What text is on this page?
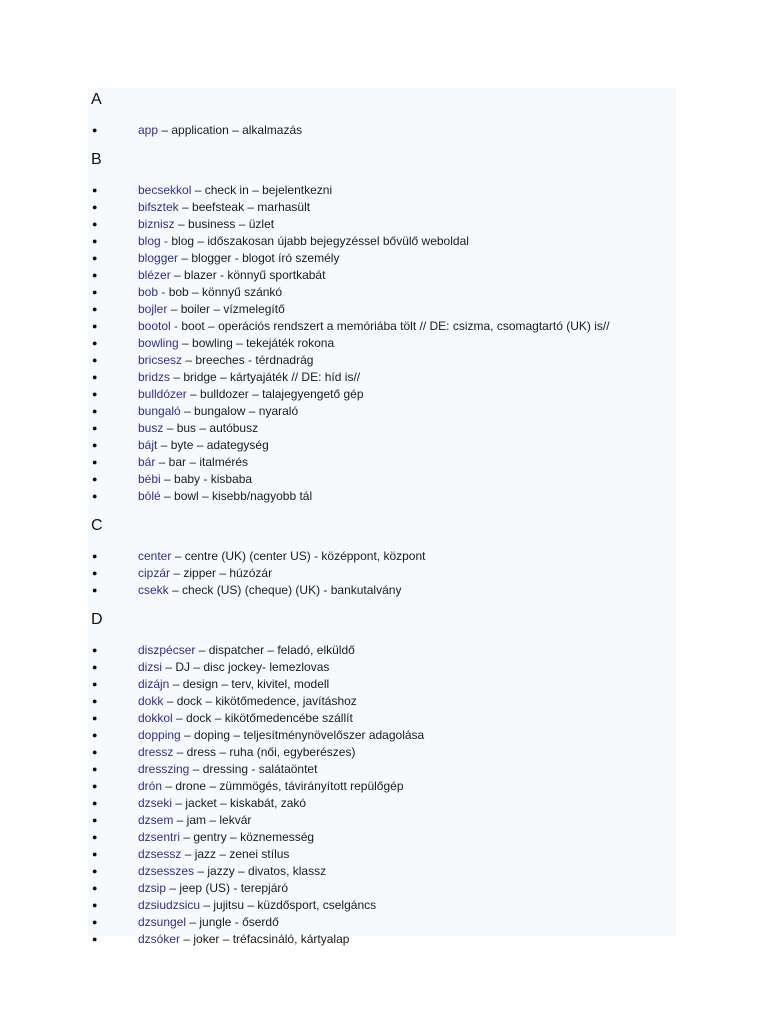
A
●	app – application – alkalmazás
B
●	becsekkol – check in – bejelentkezni
●	bifsztek – beefsteak – marhasült
●	biznisz – business – üzlet
●	blog - blog – időszakosan újabb bejegyzéssel bővülő weboldal
●	blogger – blogger - blogot író személy
●	blézer – blazer - könnyű sportkabát
●	bob - bob – könnyű szánkó
●	bojler – boiler – vízmelegítő
●	bootol - boot – operációs rendszert a memóriába tölt // DE: csizma, csomagtartó (UK) is//
●	bowling – bowling – tekejáték rokona
●	bricsesz – breeches - térdnadrág
●	bridzs – bridge – kártyajáték // DE: híd is//
●	bulldózer – bulldozer – talajegyengető gép
●	bungaló – bungalow – nyaraló
●	busz – bus – autóbusz
●	bájt – byte – adategység
●	bár – bar – italmérés
●	bébi – baby - kisbaba
●	bólé – bowl – kisebb/nagyobb tál
C
●	center – centre (UK) (center US) - középpont, központ
●	cipzár – zipper – húzózár
●	csekk – check (US) (cheque) (UK) - bankutalvány
D
●	diszpécser – dispatcher – feladó, elküldő
●	dizsi – DJ – disc jockey- lemezlovas
●	dizájn – design – terv, kivitel, modell
●	dokk – dock – kikötőmedence, javításhoz
●	dokkol – dock – kikötőmedencébe szállít
●	dopping – doping – teljesítménynövelőszer adagolása
●	dressz – dress – ruha (női, egyberészes)
●	dresszing – dressing - salátaöntet
●	drón – drone – zümmögés, távirányított repülőgép
●	dzseki – jacket – kiskabát, zakó
●	dzsem – jam – lekvár
●	dzsentri – gentry – köznemesség
●	dzsessz – jazz – zenei stílus
●	dzsesszes – jazzy – divatos, klassz
●	dzsip – jeep (US) - terepjáró
●	dzsiudzsicu – jujitsu – küzdősport, cselgáncs
●	dzsungel – jungle - őserdő
●	dzsóker – joker – tréfacsináló, kártyalap
